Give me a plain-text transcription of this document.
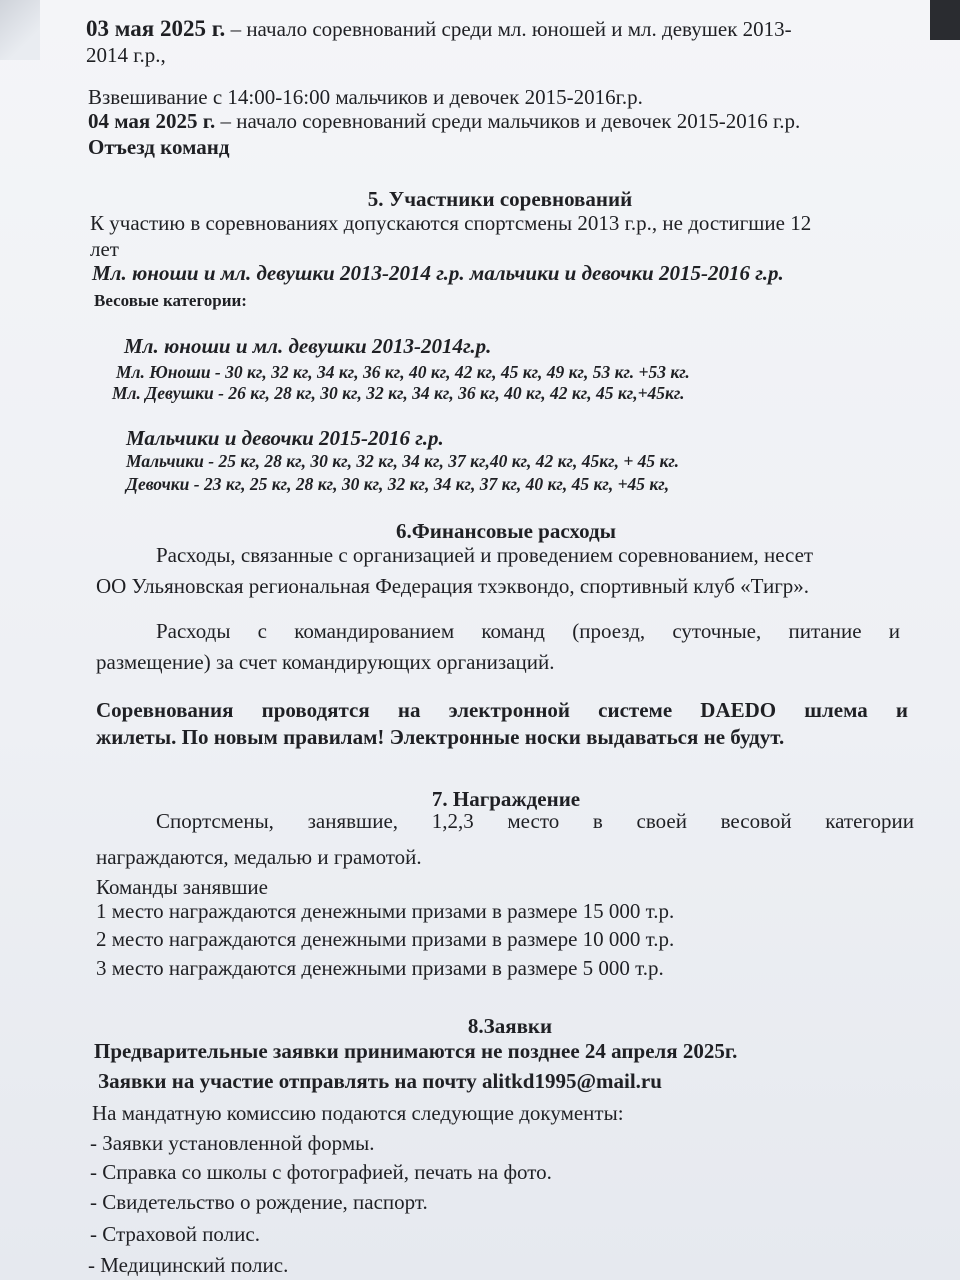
03 мая 2025 г. – начало соревнований среди мл. юношей и мл. девушек 2013-
2014 г.р.,
Взвешивание с 14:00-16:00 мальчиков и девочек 2015-2016г.р.
04 мая 2025 г. – начало соревнований среди мальчиков и девочек 2015-2016 г.р.
Отъезд команд
5. Участники соревнований
К участию в соревнованиях допускаются спортсмены 2013 г.р., не достигшие 12
лет
Мл. юноши и мл. девушки 2013-2014 г.р. мальчики и девочки 2015-2016 г.р.
Весовые категории:
Мл. юноши и мл. девушки 2013-2014г.р.
Мл. Юноши - 30 кг, 32 кг, 34 кг, 36 кг, 40 кг, 42 кг, 45 кг, 49 кг, 53 кг. +53 кг.
Мл. Девушки - 26 кг, 28 кг, 30 кг, 32 кг, 34 кг, 36 кг, 40 кг, 42 кг, 45 кг,+45кг.
Мальчики и девочки 2015-2016 г.р.
Мальчики - 25 кг, 28 кг, 30 кг, 32 кг, 34 кг, 37 кг,40 кг, 42 кг, 45кг, + 45 кг.
Девочки - 23 кг, 25 кг, 28 кг, 30 кг, 32 кг, 34 кг, 37 кг, 40 кг, 45 кг, +45 кг,
6.Финансовые расходы
Расходы, связанные с организацией и проведением соревнованием, несет
ОО Ульяновская региональная Федерация тхэквондо, спортивный клуб «Тигр».
Расходы с командированием команд (проезд, суточные, питание и
размещение) за счет командирующих организаций.
Соревнования проводятся на электронной системе DAEDO шлема и
жилеты. По новым правилам! Электронные носки выдаваться не будут.
7. Награждение
Спортсмены, занявшие, 1,2,3 место в своей весовой категории
награждаются, медалью и грамотой.
Команды занявшие
1 место награждаются денежными призами в размере 15 000 т.р.
2 место награждаются денежными призами в размере 10 000 т.р.
3 место награждаются денежными призами в размере 5 000 т.р.
8.Заявки
Предварительные заявки принимаются не позднее 24 апреля 2025г.
Заявки на участие отправлять на почту alitkd1995@mail.ru
На мандатную комиссию подаются следующие документы:
- Заявки установленной формы.
- Справка со школы с фотографией, печать на фото.
- Свидетельство о рождение, паспорт.
- Страховой полис.
- Медицинский полис.
